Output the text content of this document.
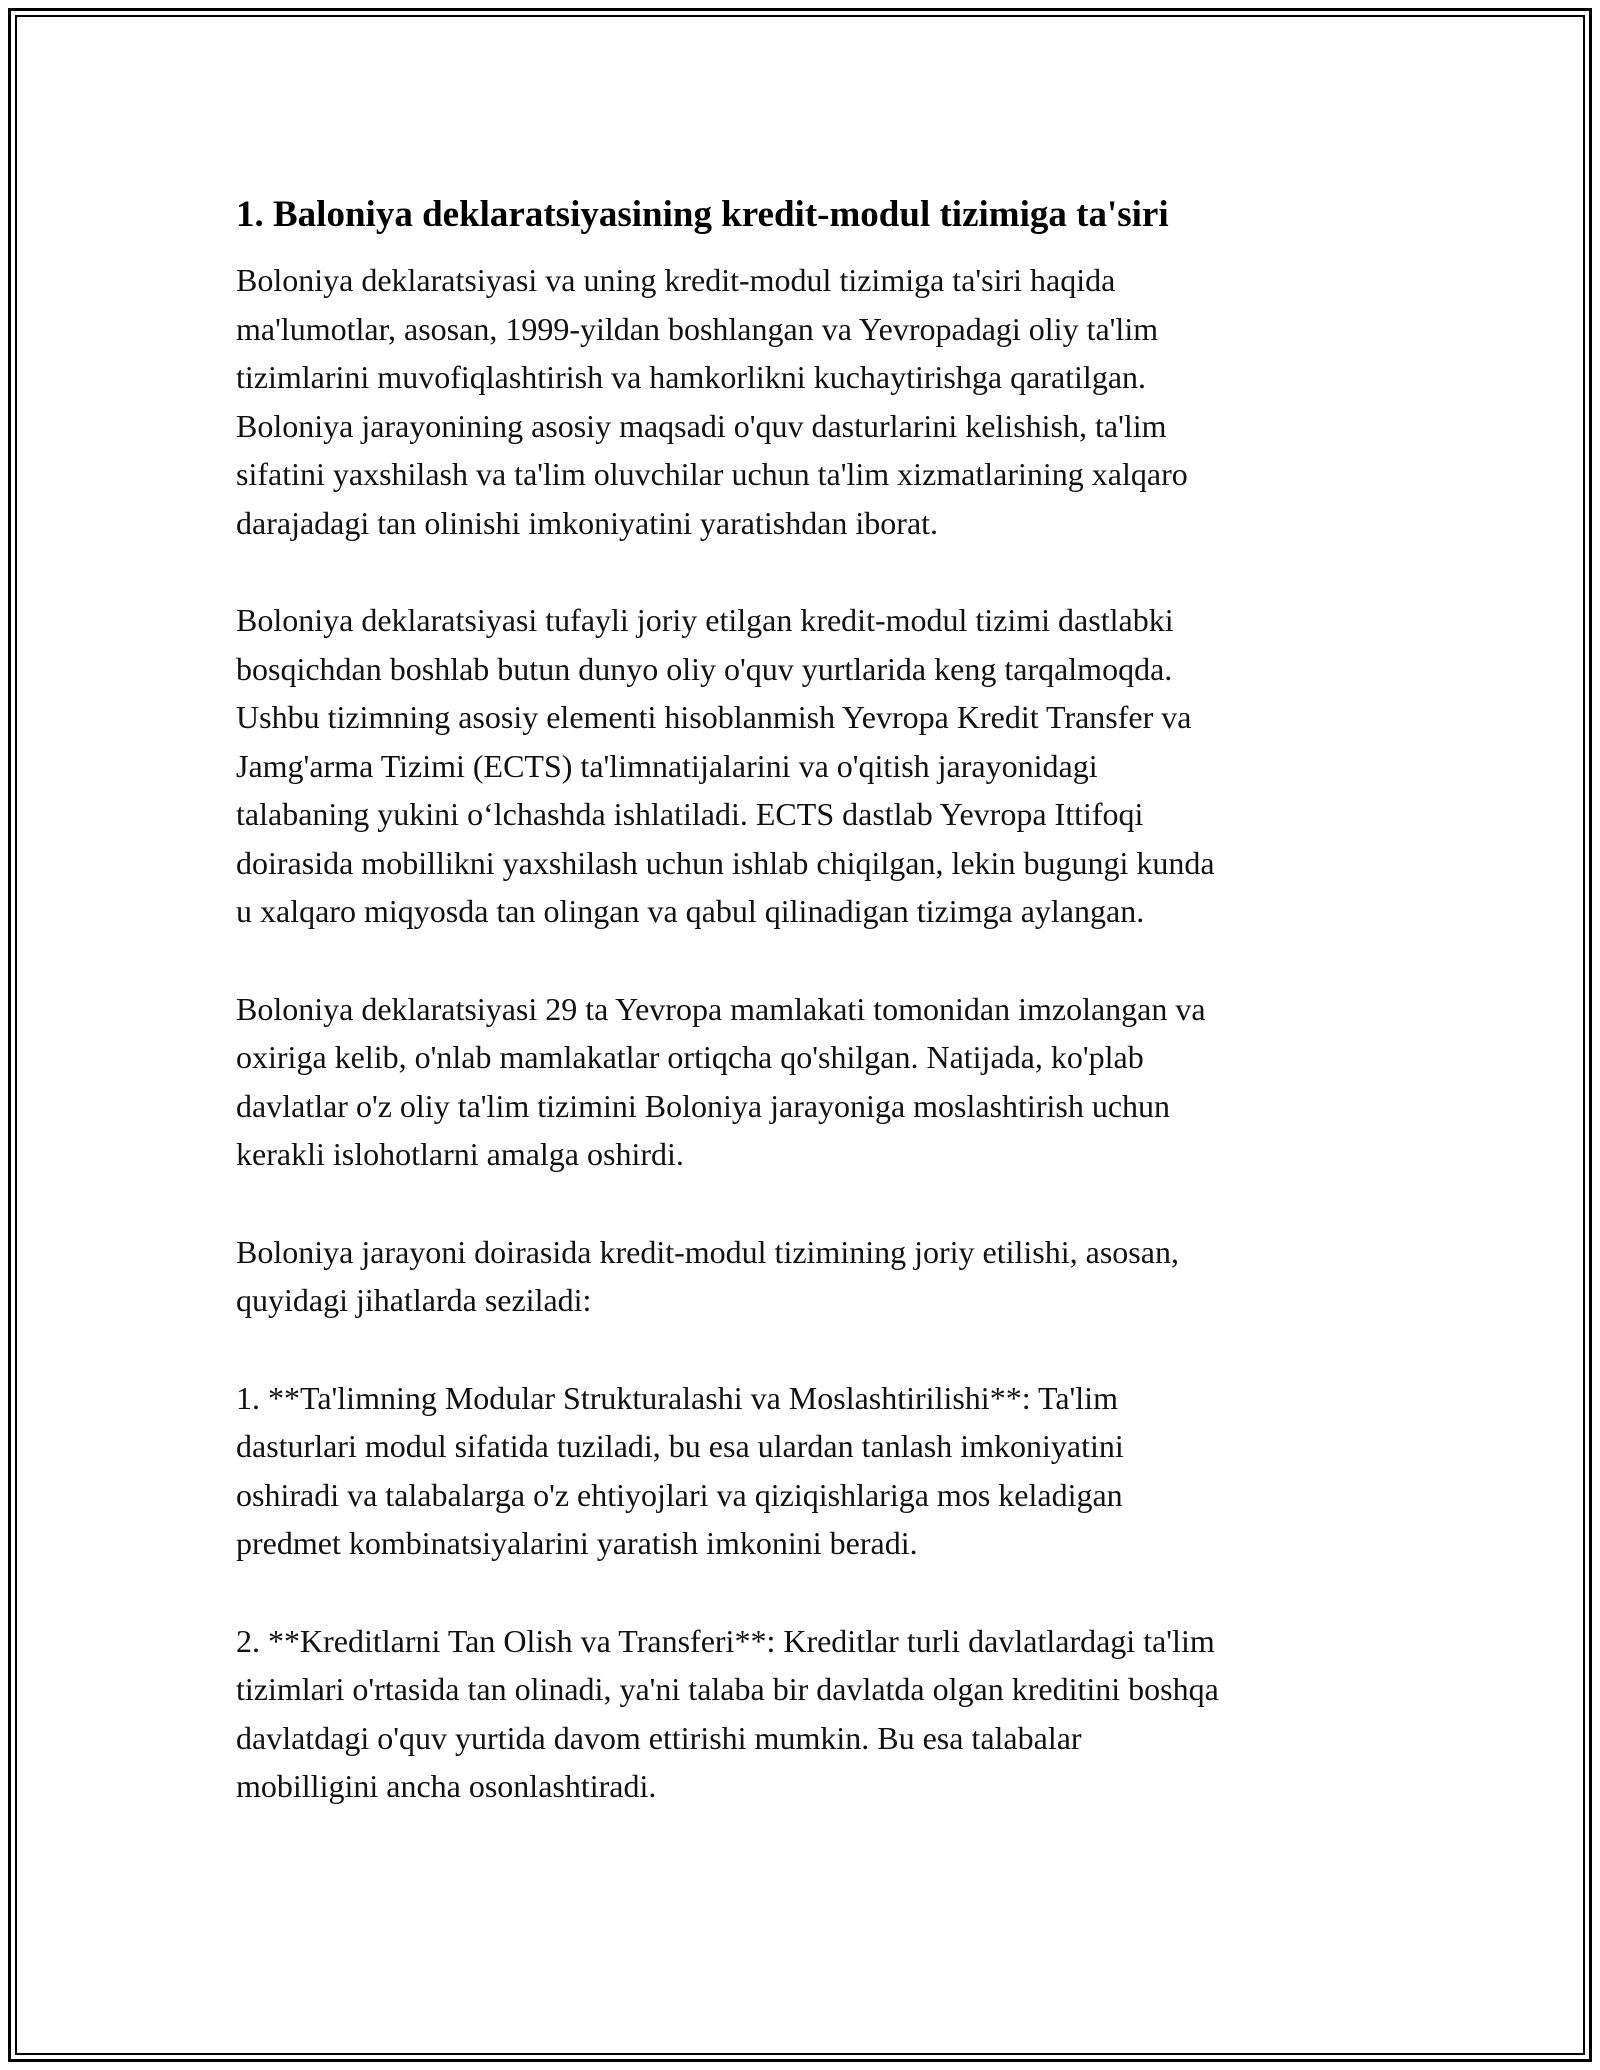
1. Baloniya deklaratsiyasining kredit-modul tizimiga ta'siri

Boloniya deklaratsiyasi va uning kredit-modul tizimiga ta'siri haqida
ma'lumotlar, asosan, 1999-yildan boshlangan va Yevropadagi oliy ta'lim
tizimlarini muvofiqlashtirish va hamkorlikni kuchaytirishga qaratilgan.
Boloniya jarayonining asosiy maqsadi o'quv dasturlarini kelishish, ta'lim
sifatini yaxshilash va ta'lim oluvchilar uchun ta'lim xizmatlarining xalqaro
darajadagi tan olinishi imkoniyatini yaratishdan iborat.

Boloniya deklaratsiyasi tufayli joriy etilgan kredit-modul tizimi dastlabki
bosqichdan boshlab butun dunyo oliy o'quv yurtlarida keng tarqalmoqda.
Ushbu tizimning asosiy elementi hisoblanmish Yevropa Kredit Transfer va
Jamg'arma Tizimi (ECTS) ta'limnatijalarini va o'qitish jarayonidagi
talabaning yukini o‘lchashda ishlatiladi. ECTS dastlab Yevropa Ittifoqi
doirasida mobillikni yaxshilash uchun ishlab chiqilgan, lekin bugungi kunda
u xalqaro miqyosda tan olingan va qabul qilinadigan tizimga aylangan.

Boloniya deklaratsiyasi 29 ta Yevropa mamlakati tomonidan imzolangan va
oxiriga kelib, o'nlab mamlakatlar ortiqcha qo'shilgan. Natijada, ko'plab
davlatlar o'z oliy ta'lim tizimini Boloniya jarayoniga moslashtirish uchun
kerakli islohotlarni amalga oshirdi.

Boloniya jarayoni doirasida kredit-modul tizimining joriy etilishi, asosan,
quyidagi jihatlarda seziladi:

1. **Ta'limning Modular Strukturalashi va Moslashtirilishi**: Ta'lim
dasturlari modul sifatida tuziladi, bu esa ulardan tanlash imkoniyatini
oshiradi va talabalarga o'z ehtiyojlari va qiziqishlariga mos keladigan
predmet kombinatsiyalarini yaratish imkonini beradi.

2. **Kreditlarni Tan Olish va Transferi**: Kreditlar turli davlatlardagi ta'lim
tizimlari o'rtasida tan olinadi, ya'ni talaba bir davlatda olgan kreditini boshqa
davlatdagi o'quv yurtida davom ettirishi mumkin. Bu esa talabalar
mobilligini ancha osonlashtiradi.
